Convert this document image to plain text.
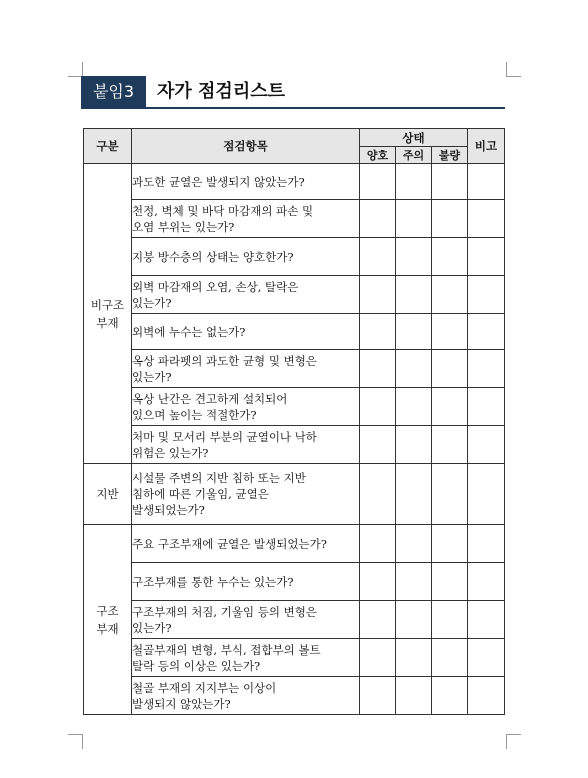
붙임3	자가 점검리스트
구분	점검항목	상태			비고
		양호	주의	불량	
비구조
부재	과도한 균열은 발생되지 않았는가?				
	천정, 벽체 및 바닥 마감재의 파손 및
오염 부위는 있는가?				
	지붕 방수층의 상태는 양호한가?				
	외벽 마감재의 오염, 손상, 탈락은
있는가?				
	외벽에 누수는 없는가?				
	옥상 파라펫의 과도한 균형 및 변형은
있는가?				
	옥상 난간은 견고하게 설치되어
있으며 높이는 적절한가?				
	처마 및 모서리 부분의 균열이나 낙하
위험은 있는가?				
지반	시설물 주변의 지반 침하 또는 지반
침하에 따른 기울임, 균열은
발생되었는가?				
구조
부재	주요 구조부재에 균열은 발생되었는가?				
	구조부재를 통한 누수는 있는가?				
	구조부재의 처짐, 기울임 등의 변형은
있는가?				
	철골부재의 변형, 부식, 접합부의 볼트
탈락 등의 이상은 있는가?				
	철골 부재의 지지부는 이상이
발생되지 않았는가?				
